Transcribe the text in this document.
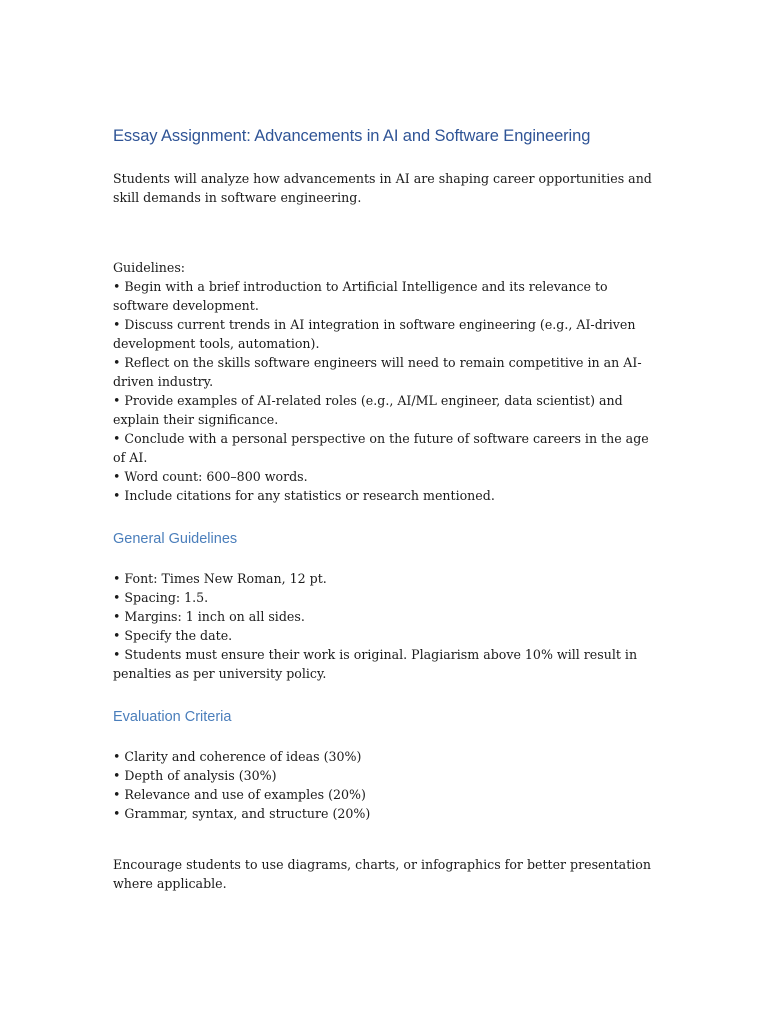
Essay Assignment: Advancements in AI and Software Engineering

Students will analyze how advancements in AI are shaping career opportunities and skill demands in software engineering.

Guidelines:

• Begin with a brief introduction to Artificial Intelligence and its relevance to software development.

• Discuss current trends in AI integration in software engineering (e.g., AI-driven development tools, automation).

• Reflect on the skills software engineers will need to remain competitive in an AI-driven industry.

• Provide examples of AI-related roles (e.g., AI/ML engineer, data scientist) and explain their significance.

• Conclude with a personal perspective on the future of software careers in the age of AI.

• Word count: 600–800 words.

• Include citations for any statistics or research mentioned.

General Guidelines

• Font: Times New Roman, 12 pt.

• Spacing: 1.5.

• Margins: 1 inch on all sides.

• Specify the date.

• Students must ensure their work is original. Plagiarism above 10% will result in penalties as per university policy.

Evaluation Criteria

• Clarity and coherence of ideas (30%)

• Depth of analysis (30%)

• Relevance and use of examples (20%)

• Grammar, syntax, and structure (20%)

Encourage students to use diagrams, charts, or infographics for better presentation where applicable.
